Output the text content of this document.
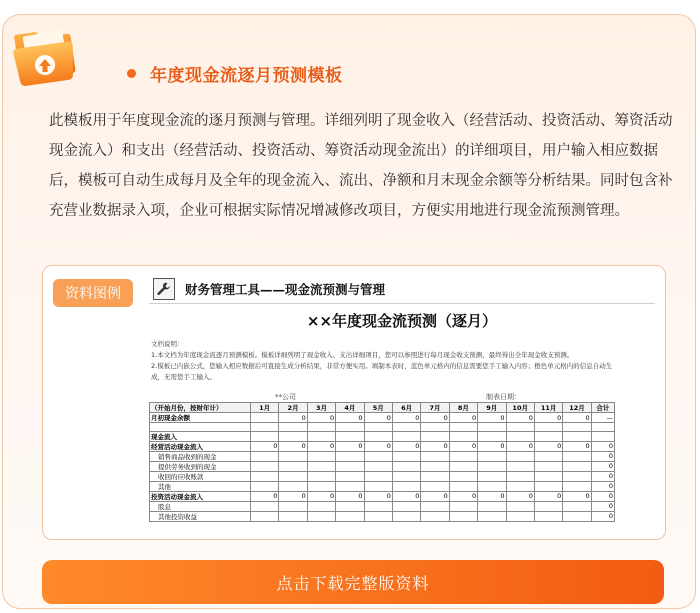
年度现金流逐月预测模板

此模板用于年度现金流的逐月预测与管理。详细列明了现金收入（经营活动、投资活动、筹资活动现金流入）和支出（经营活动、投资活动、筹资活动现金流出）的详细项目，用户输入相应数据后，模板可自动生成每月及全年的现金流入、流出、净额和月末现金余额等分析结果。同时包含补充营业数据录入项，企业可根据实际情况增减修改项目，方便实用地进行现金流预测管理。

资料图例	财务管理工具——现金流预测与管理
××年度现金流预测（逐月）
文档说明：
1.本文档为年度现金流逐月预测模板。模板详细列明了现金收入、支出详细项目，您可以参照进行每月现金收支预测，最终得出全年现金收支预测。
2.模板已内嵌公式，您输入相应数据后可直接生成分析结果，非常方便实用。填制本表时，蓝色单元格内的信息需要您手工输入内容；橙色单元格内的信息自动生成，无需您手工输入。
**公司	制表日期：
（开始月份，按财年计）	1月	2月	3月	4月	5月	6月	7月	8月	9月	10月	11月	12月	合计
月初现金余额		0	0	0	0	0	0	0	0	0	0	0	—

现金流入													
经营活动现金流入	0	0	0	0	0	0	0	0	0	0	0	0	0
销售商品收到的现金													0
提供劳务收到的现金													0
收回的应收账款													0
其他													0
投资活动现金流入	0	0	0	0	0	0	0	0	0	0	0	0	0
股息													0
其他投资收益													0
点击下载完整版资料
